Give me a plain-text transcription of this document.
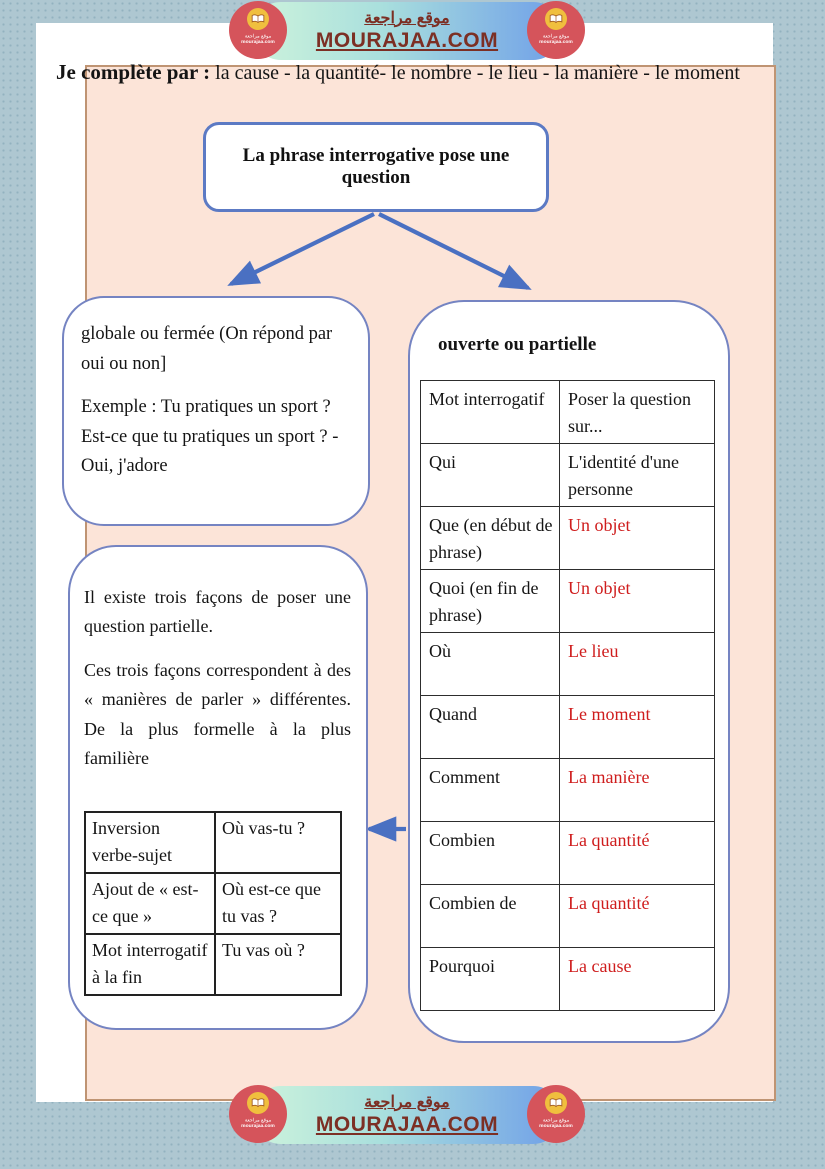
Je complète par : la cause - la quantité- le nombre - le lieu - la manière - le moment
La phrase interrogative pose une question

globale ou fermée (On répond par oui ou non]

Exemple : Tu pratiques un sport ? Est-ce que tu pratiques un sport ? - Oui, j'adore

ouverte ou partielle
Mot interrogatif	Poser la question sur...
Qui	L'identité d'une personne
Que (en début de phrase)	Un objet
Quoi (en fin de phrase)	Un objet
Où	Le lieu
Quand	Le moment
Comment	La manière
Combien	La quantité
Combien de	La quantité
Pourquoi	La cause

Il existe trois façons de poser une question partielle.

Ces trois façons correspondent à des « manières de parler » différentes. De la plus formelle à la plus familière

Inversion verbe-sujet	Où vas-tu ?
Ajout de « est-ce que »	Où est-ce que tu vas ?
Mot interrogatif à la fin	Tu vas où ?
موقع مراجعة
MOURAJAA.COM
موقع مراجعة
mourajaa.com
موقع مراجعة
mourajaa.com
موقع مراجعة
MOURAJAA.COM
موقع مراجعة
mourajaa.com
موقع مراجعة
mourajaa.com
